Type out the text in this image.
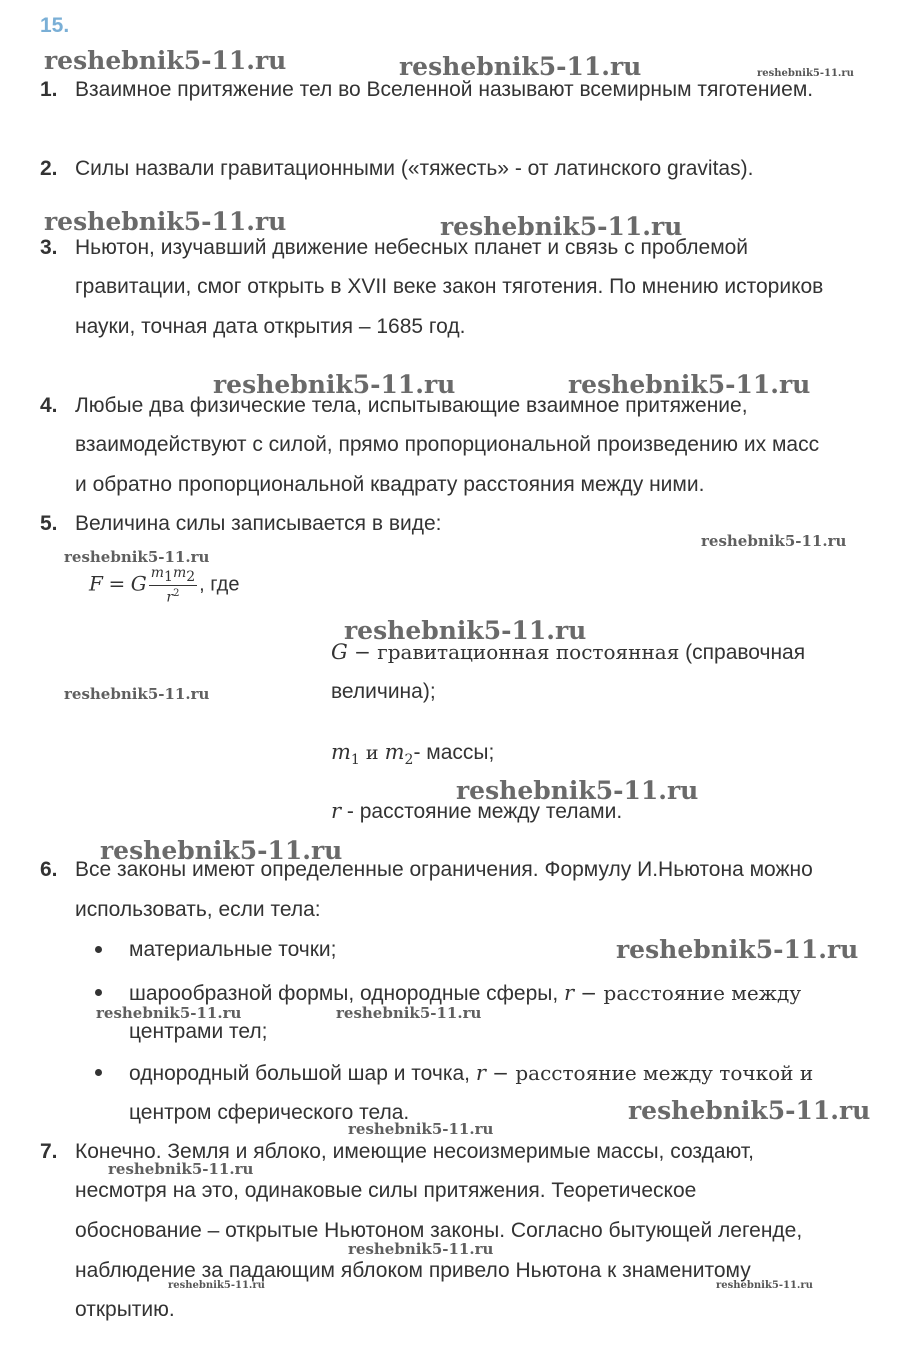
15.
1. Взаимное притяжение тел во Вселенной называют всемирным тяготением.
2. Силы назвали гравитационными («тяжесть» - от латинского gravitas).
3. Ньютон, изучавший движение небесных планет и связь с проблемой
гравитации, смог открыть в XVII веке закон тяготения. По мнению историков
науки, точная дата открытия – 1685 год.
4. Любые два физические тела, испытывающие взаимное притяжение,
взаимодействуют с силой, прямо пропорциональной произведению их масс
и обратно пропорциональной квадрату расстояния между ними.
5. Величина силы записывается в виде:
F = G $\frac{m_1m_2}{r^2}$ , где
G − гравитационная постоянная (справочная
величина);
$m_1$ и $m_2-$ массы;
r - расстояние между телами.
6. Все законы имеют определенные ограничения. Формулу И.Ньютона можно
использовать, если тела:
материальные точки;
шарообразной формы, однородные сферы, r − расстояние между
центрами тел;
однородный большой шар и точка, r − расстояние между точкой и
центром сферического тела.
7. Конечно. Земля и яблоко, имеющие несоизмеримые массы, создают,
несмотря на это, одинаковые силы притяжения. Теоретическое
обоснование – открытые Ньютоном законы. Согласно бытующей легенде,
наблюдение за падающим яблоком привело Ньютона к знаменитому
открытию.
reshebnik5-11.ru	reshebnik5-11.ru	reshebnik5-11.ru
reshebnik5-11.ru	reshebnik5-11.ru
reshebnik5-11.ru	reshebnik5-11.ru
reshebnik5-11.ru
reshebnik5-11.ru
reshebnik5-11.ru
reshebnik5-11.ru
reshebnik5-11.ru
reshebnik5-11.ru
reshebnik5-11.ru
reshebnik5-11.ru	reshebnik5-11.ru
reshebnik5-11.ru
reshebnik5-11.ru
reshebnik5-11.ru
reshebnik5-11.ru
reshebnik5-11.ru	reshebnik5-11.ru
